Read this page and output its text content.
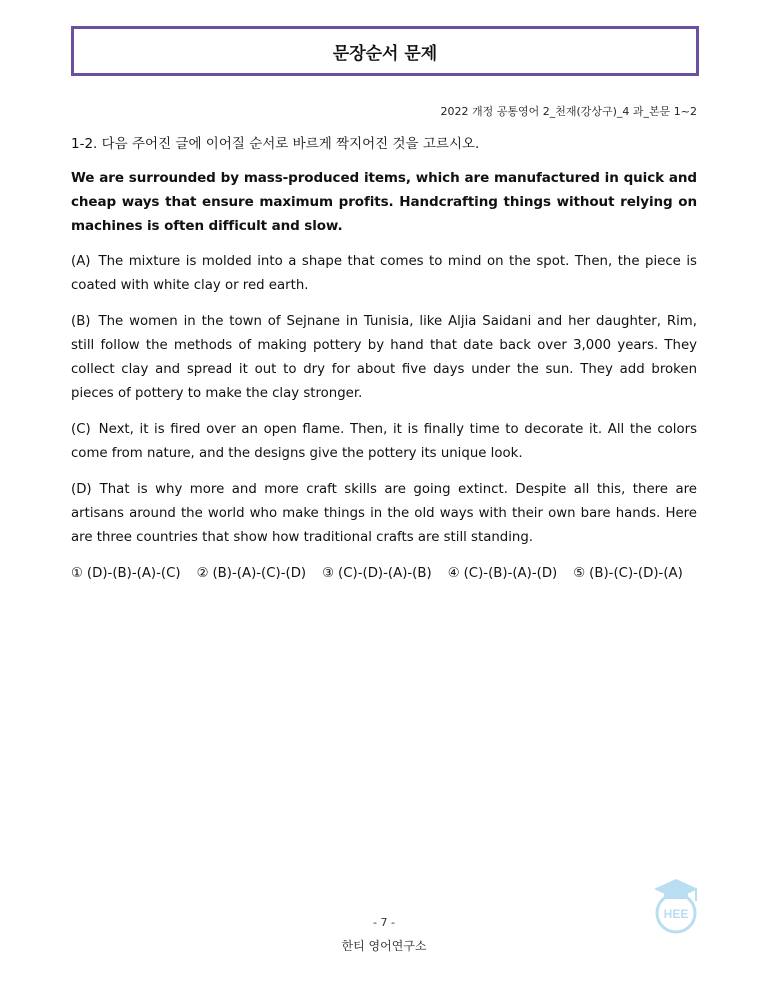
문장순서 문제
2022 개정 공통영어 2_천재(강상구)_4 과_본문 1~2

1-2. 다음 주어진 글에 이어질 순서로 바르게 짝지어진 것을 고르시오.

We are surrounded by mass-produced items, which are manufactured in quick and cheap ways that ensure maximum profits. Handcrafting things without relying on machines is often difficult and slow.

(A) The mixture is molded into a shape that comes to mind on the spot. Then, the piece is coated with white clay or red earth.

(B) The women in the town of Sejnane in Tunisia, like Aljia Saidani and her daughter, Rim, still follow the methods of making pottery by hand that date back over 3,000 years. They collect clay and spread it out to dry for about five days under the sun. They add broken pieces of pottery to make the clay stronger.

(C) Next, it is fired over an open flame. Then, it is finally time to decorate it. All the colors come from nature, and the designs give the pottery its unique look.

(D) That is why more and more craft skills are going extinct. Despite all this, there are artisans around the world who make things in the old ways with their own bare hands. Here are three countries that show how traditional crafts are still standing.

① (D)-(B)-(A)-(C) ② (B)-(A)-(C)-(D) ③ (C)-(D)-(A)-(B) ④ (C)-(B)-(A)-(D) ⑤ (B)-(C)-(D)-(A)
HEE
- 7 -
한티 영어연구소
